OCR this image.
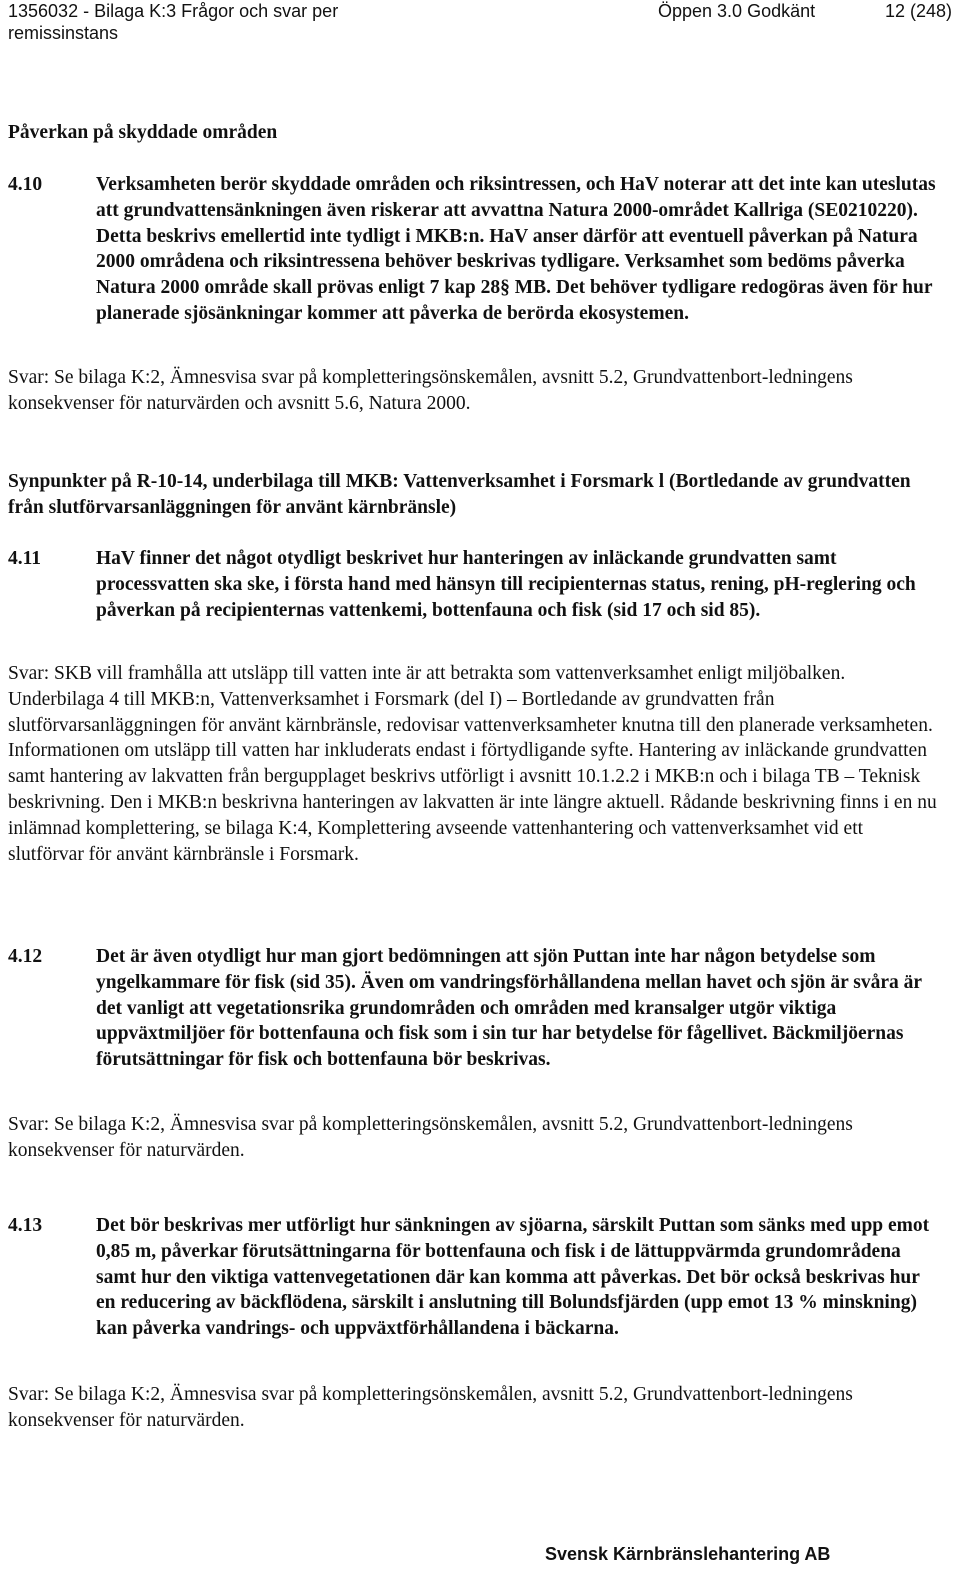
1356032 - Bilaga K:3 Frågor och svar per remissinstans
Öppen 3.0 Godkänt	12 (248)
Påverkan på skyddade områden
4.10	Verksamheten berör skyddade områden och riksintressen, och HaV noterar att det inte kan uteslutas att grundvattensänkningen även riskerar att avvattna Natura 2000-området Kallriga (SE0210220). Detta beskrivs emellertid inte tydligt i MKB:n. HaV anser därför att eventuell påverkan på Natura 2000 områdena och riksintressena behöver beskrivas tydligare. Verksamhet som bedöms påverka Natura 2000 område skall prövas enligt 7 kap 28§ MB. Det behöver tydligare redogöras även för hur planerade sjösänkningar kommer att påverka de berörda ekosystemen.
Svar: Se bilaga K:2, Ämnesvisa svar på kompletteringsönskemålen, avsnitt 5.2, Grundvattenbort-ledningens konsekvenser för naturvärden och avsnitt 5.6, Natura 2000.
Synpunkter på R-10-14, underbilaga till MKB: Vattenverksamhet i Forsmark l (Bortledande av grundvatten från slutförvarsanläggningen för använt kärnbränsle)
4.11	HaV finner det något otydligt beskrivet hur hanteringen av inläckande grundvatten samt processvatten ska ske, i första hand med hänsyn till recipienternas status, rening, pH-reglering och påverkan på recipienternas vattenkemi, bottenfauna och fisk (sid 17 och sid 85).
Svar: SKB vill framhålla att utsläpp till vatten inte är att betrakta som vattenverksamhet enligt miljöbalken. Underbilaga 4 till MKB:n, Vattenverksamhet i Forsmark (del I) – Bortledande av grundvatten från slutförvarsanläggningen för använt kärnbränsle, redovisar vattenverksamheter knutna till den planerade verksamheten. Informationen om utsläpp till vatten har inkluderats endast i förtydligande syfte. Hantering av inläckande grundvatten samt hantering av lakvatten från bergupplaget beskrivs utförligt i avsnitt 10.1.2.2 i MKB:n och i bilaga TB – Teknisk beskrivning. Den i MKB:n beskrivna hanteringen av lakvatten är inte längre aktuell. Rådande beskrivning finns i en nu inlämnad komplettering, se bilaga K:4, Komplettering avseende vattenhantering och vattenverksamhet vid ett slutförvar för använt kärnbränsle i Forsmark.
4.12	Det är även otydligt hur man gjort bedömningen att sjön Puttan inte har någon betydelse som yngelkammare för fisk (sid 35). Även om vandringsförhållandena mellan havet och sjön är svåra är det vanligt att vegetationsrika grundområden och områden med kransalger utgör viktiga uppväxtmiljöer för bottenfauna och fisk som i sin tur har betydelse för fågellivet. Bäckmiljöernas förutsättningar för fisk och bottenfauna bör beskrivas.
Svar: Se bilaga K:2, Ämnesvisa svar på kompletteringsönskemålen, avsnitt 5.2, Grundvattenbort-ledningens konsekvenser för naturvärden.
4.13	Det bör beskrivas mer utförligt hur sänkningen av sjöarna, särskilt Puttan som sänks med upp emot 0,85 m, påverkar förutsättningarna för bottenfauna och fisk i de lättuppvärmda grundområdena samt hur den viktiga vattenvegetationen där kan komma att påverkas. Det bör också beskrivas hur en reducering av bäckflödena, särskilt i anslutning till Bolundsfjärden (upp emot 13 % minskning) kan påverka vandrings- och uppväxtförhållandena i bäckarna.
Svar: Se bilaga K:2, Ämnesvisa svar på kompletteringsönskemålen, avsnitt 5.2, Grundvattenbort-ledningens konsekvenser för naturvärden.
Svensk Kärnbränslehantering AB
